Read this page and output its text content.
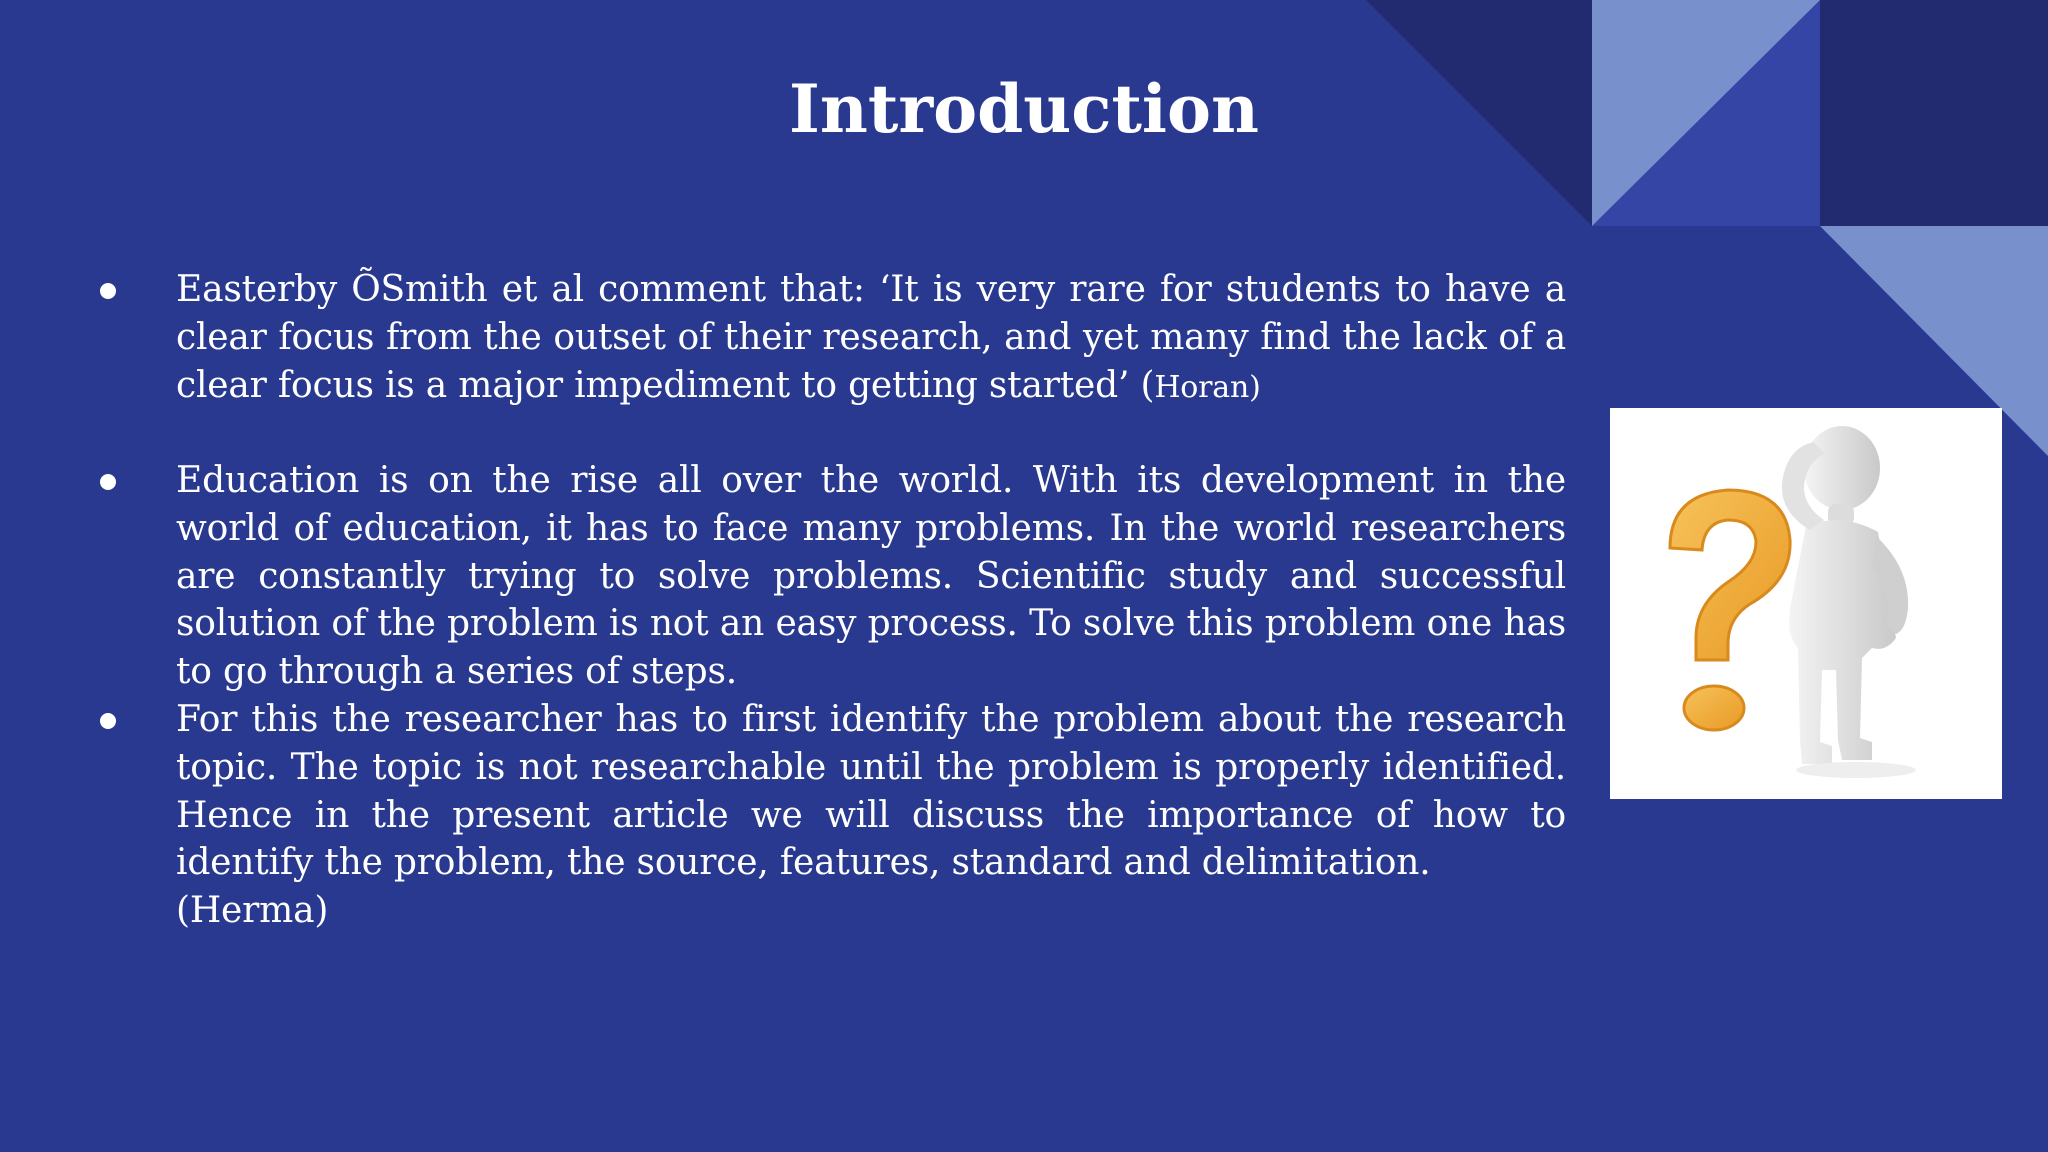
Introduction
Easterby ÕSmith et al comment that: ‘It is very rare for students to have a clear focus from the outset of their research, and yet many find the lack of a clear focus is a major impediment to getting started’ (Horan)
Education is on the rise all over the world. With its development in the world of education, it has to face many problems. In the world researchers are constantly trying to solve problems. Scientific study and successful solution of the problem is not an easy process. To solve this problem one has to go through a series of steps.
For this the researcher has to first identify the problem about the research topic. The topic is not researchable until the problem is properly identified. Hence in the present article we will discuss the importance of how to identify the problem, the source, features, standard and delimitation.
(Herma)
